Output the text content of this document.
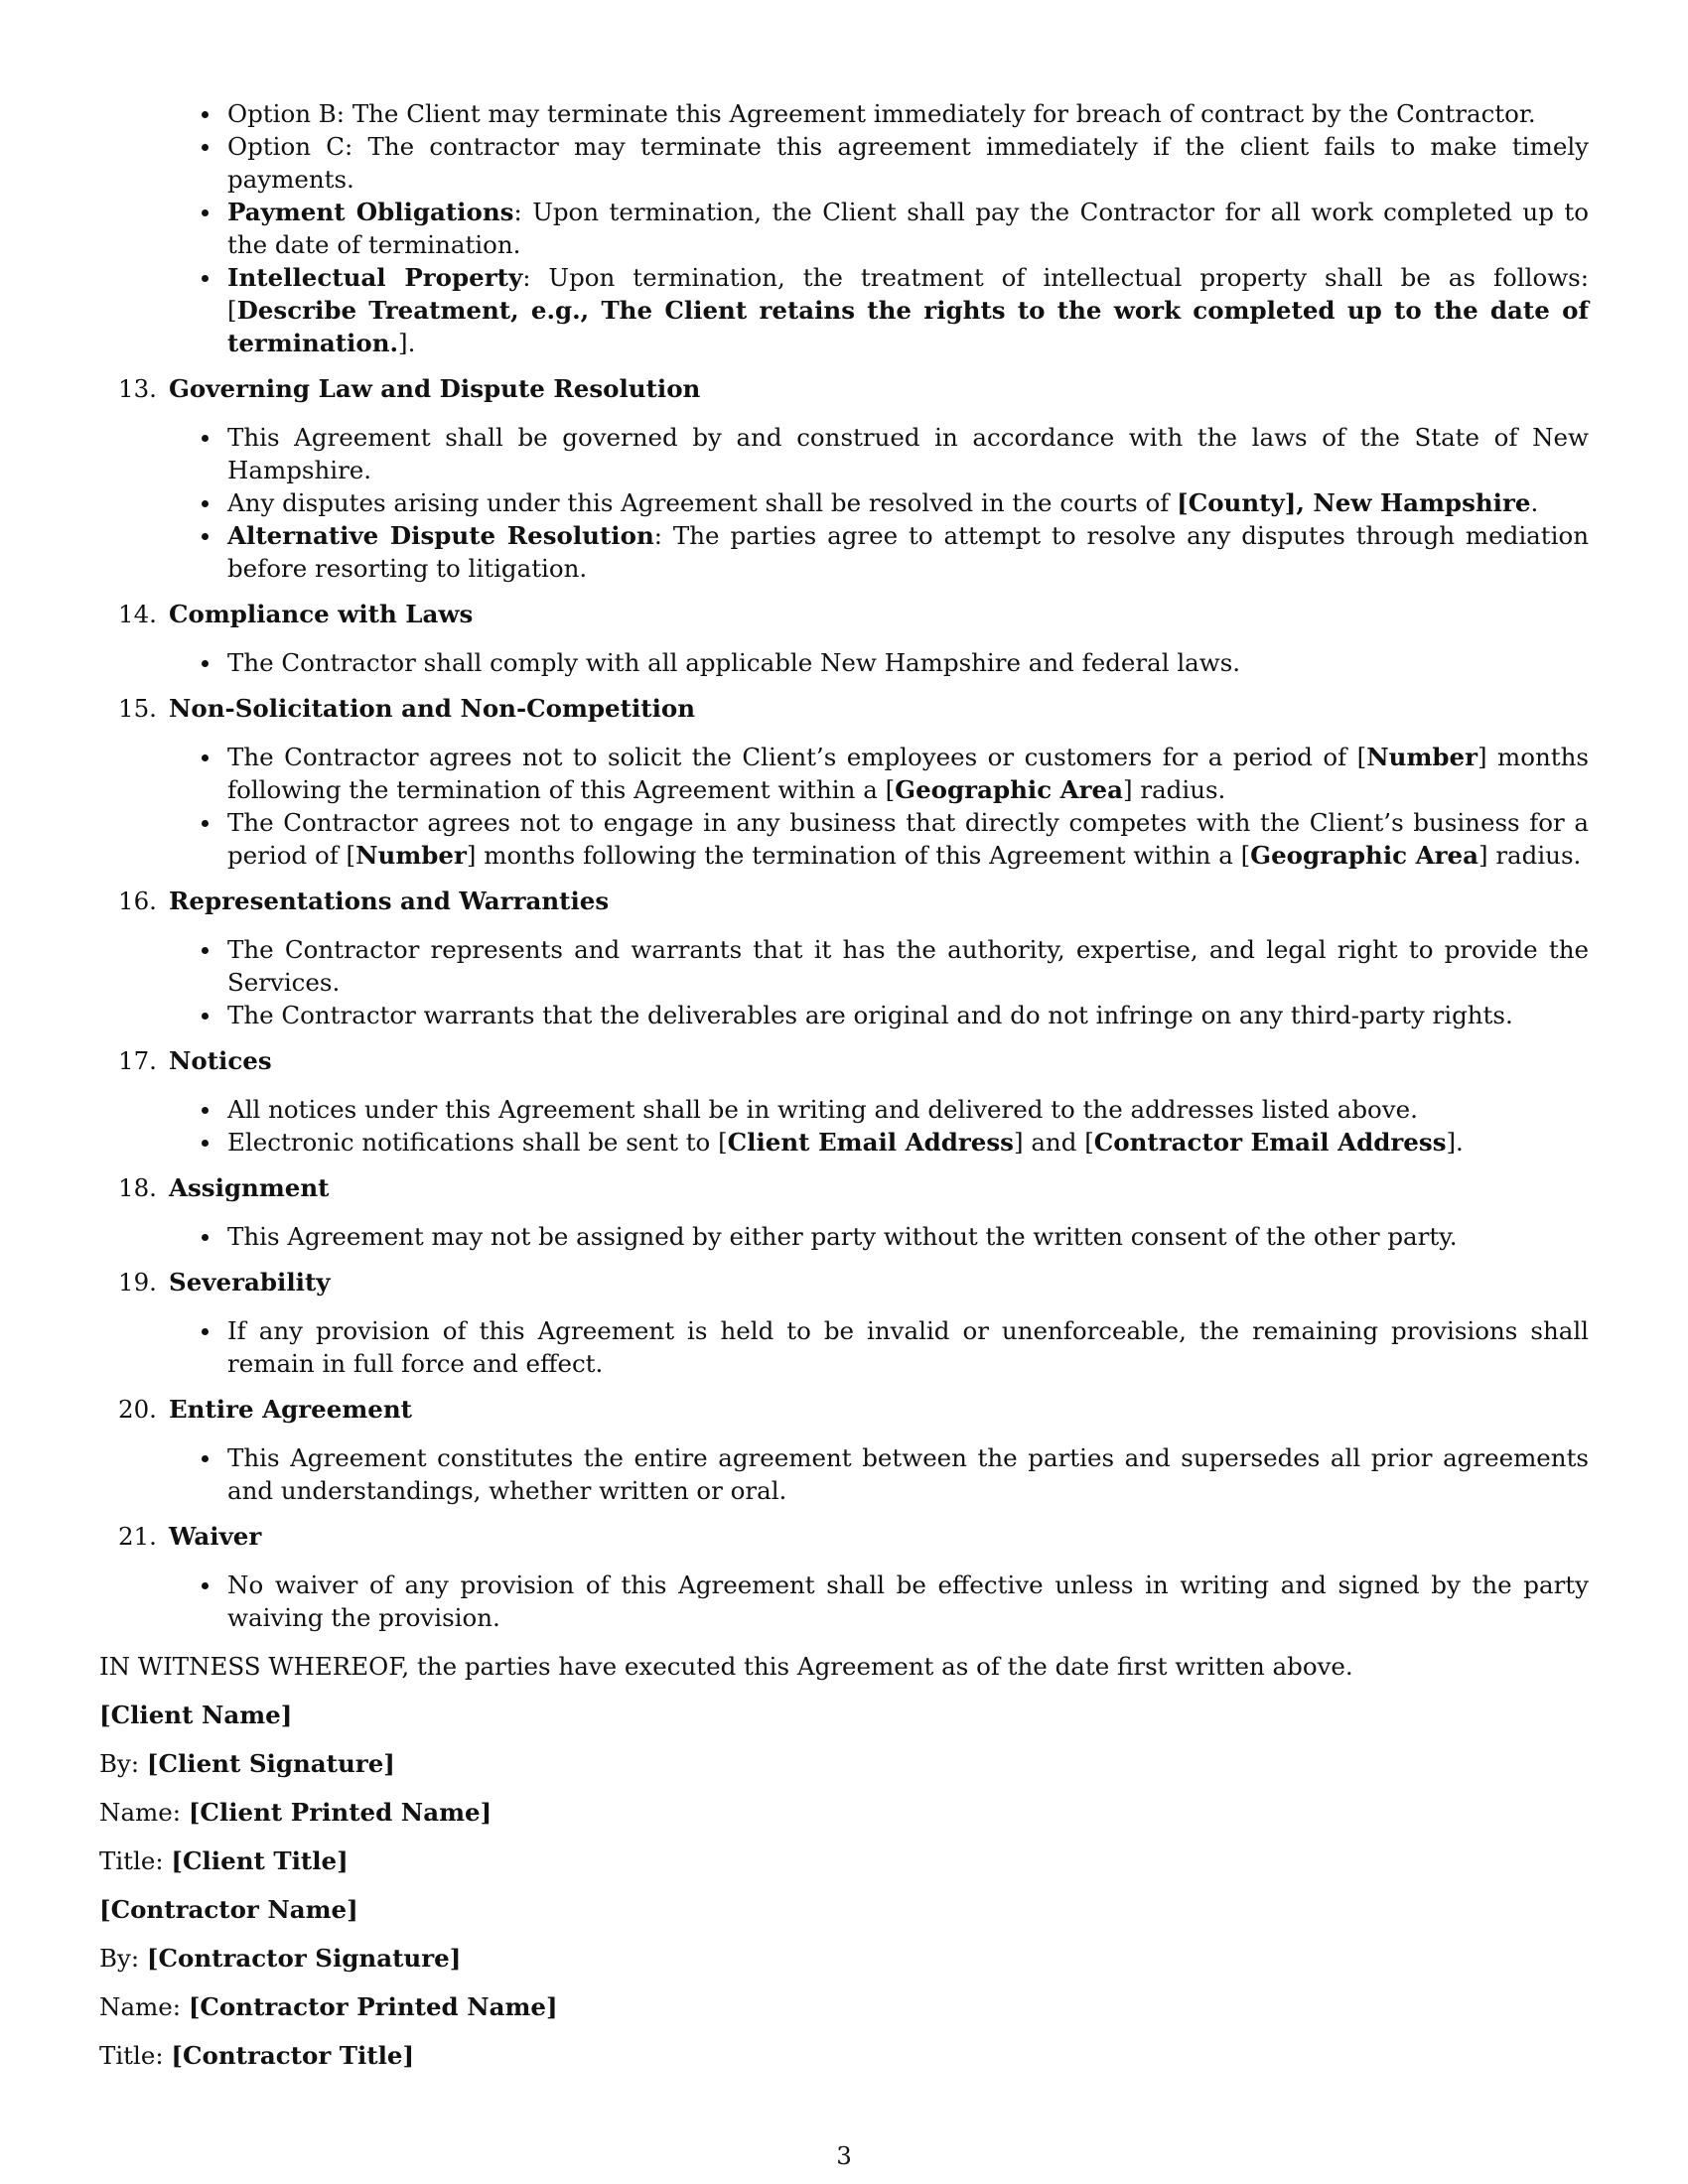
Option B: The Client may terminate this Agreement immediately for breach of contract by the Contractor.
Option C: The contractor may terminate this agreement immediately if the client fails to make timely payments.
Payment Obligations: Upon termination, the Client shall pay the Contractor for all work completed up to the date of termination.
Intellectual Property: Upon termination, the treatment of intellectual property shall be as follows: [Describe Treatment, e.g., The Client retains the rights to the work completed up to the date of termination.].
13. Governing Law and Dispute Resolution
This Agreement shall be governed by and construed in accordance with the laws of the State of New Hampshire.
Any disputes arising under this Agreement shall be resolved in the courts of [County], New Hampshire.
Alternative Dispute Resolution: The parties agree to attempt to resolve any disputes through mediation before resorting to litigation.
14. Compliance with Laws
The Contractor shall comply with all applicable New Hampshire and federal laws.
15. Non-Solicitation and Non-Competition
The Contractor agrees not to solicit the Client’s employees or customers for a period of [Number] months following the termination of this Agreement within a [Geographic Area] radius.
The Contractor agrees not to engage in any business that directly competes with the Client’s business for a period of [Number] months following the termination of this Agreement within a [Geographic Area] radius.
16. Representations and Warranties
The Contractor represents and warrants that it has the authority, expertise, and legal right to provide the Services.
The Contractor warrants that the deliverables are original and do not infringe on any third-party rights.
17. Notices
All notices under this Agreement shall be in writing and delivered to the addresses listed above.
Electronic notifications shall be sent to [Client Email Address] and [Contractor Email Address].
18. Assignment
This Agreement may not be assigned by either party without the written consent of the other party.
19. Severability
If any provision of this Agreement is held to be invalid or unenforceable, the remaining provisions shall remain in full force and effect.
20. Entire Agreement
This Agreement constitutes the entire agreement between the parties and supersedes all prior agreements and understandings, whether written or oral.
21. Waiver
No waiver of any provision of this Agreement shall be effective unless in writing and signed by the party waiving the provision.

IN WITNESS WHEREOF, the parties have executed this Agreement as of the date first written above.

[Client Name]
By: [Client Signature]
Name: [Client Printed Name]
Title: [Client Title]
[Contractor Name]
By: [Contractor Signature]
Name: [Contractor Printed Name]
Title: [Contractor Title]
3
